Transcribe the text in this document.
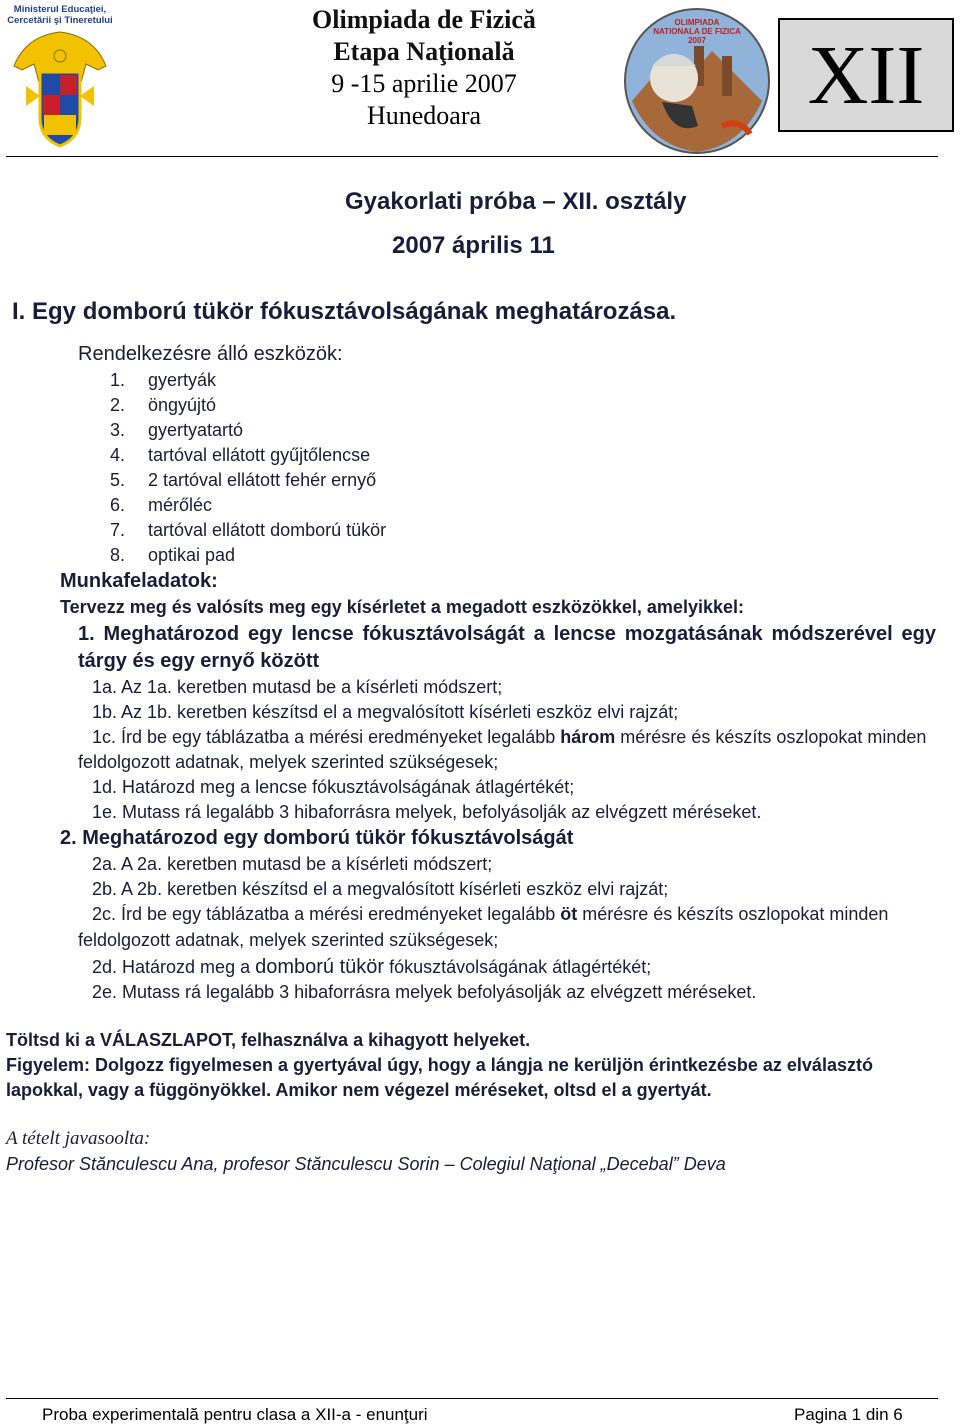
Ministerul Educaţiei,
Cercetării şi Tineretului	Olimpiada de Fizică
Etapa Naţională
9 -15 aprilie 2007
Hunedoara
OLIMPIADA NATIONALA DE FIZICA 2007	XII
Gyakorlati próba – XII. osztály
2007 április 11
I. Egy domború tükör fókusztávolságának meghatározása.
Rendelkezésre álló eszközök:
1. gyertyák
2. öngyújtó
3. gyertyatartó
4. tartóval ellátott gyűjtőlencse
5. 2 tartóval ellátott fehér ernyő
6. mérőléc
7. tartóval ellátott domború tükör
8. optikai pad
Munkafeladatok:
Tervezz meg és valósíts meg egy kísérletet a megadott eszközökkel, amelyikkel:
1. Meghatározod egy lencse fókusztávolságát a lencse mozgatásának módszerével egy
tárgy és egy ernyő között
1a. Az 1a. keretben mutasd be a kísérleti módszert;
1b. Az 1b. keretben készítsd el a megvalósított kísérleti eszköz elvi rajzát;
1c. Írd be egy táblázatba a mérési eredményeket legalább három mérésre és készíts oszlopokat minden
feldolgozott adatnak, melyek szerinted szükségesek;
1d. Határozd meg a lencse fókusztávolságának átlagértékét;
1e. Mutass rá legalább 3 hibaforrásra melyek, befolyásolják az elvégzett méréseket.
2. Meghatározod egy domború tükör fókusztávolságát
2a. A 2a. keretben mutasd be a kísérleti módszert;
2b. A 2b. keretben készítsd el a megvalósított kísérleti eszköz elvi rajzát;
2c. Írd be egy táblázatba a mérési eredményeket legalább öt mérésre és készíts oszlopokat minden
feldolgozott adatnak, melyek szerinted szükségesek;
2d. Határozd meg a domború tükör fókusztávolságának átlagértékét;
2e. Mutass rá legalább 3 hibaforrásra melyek befolyásolják az elvégzett méréseket.
Töltsd ki a VÁLASZLAPOT, felhasználva a kihagyott helyeket.
Figyelem: Dolgozz figyelmesen a gyertyával úgy, hogy a lángja ne kerüljön érintkezésbe az elválasztó
lapokkal, vagy a függönyökkel. Amikor nem végezel méréseket, oltsd el a gyertyát.
A tételt javasoolta:
Profesor Stănculescu Ana, profesor Stănculescu Sorin – Colegiul Naţional „Decebal” Deva
Proba experimentală pentru clasa a XII-a - enunţuri	Pagina 1 din 6
